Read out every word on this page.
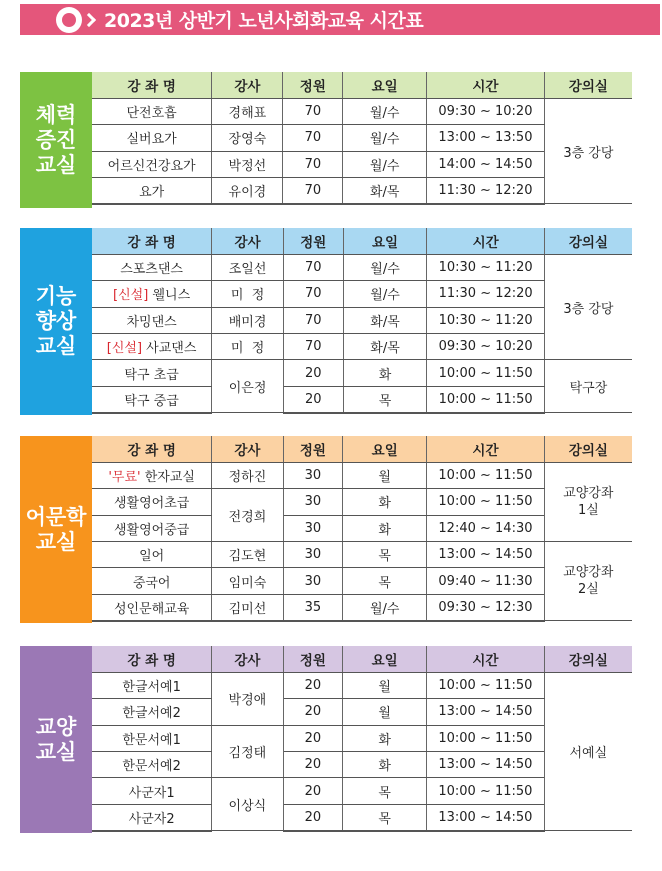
2023년 상반기 노년사회화교육 시간표
체력
증진
교실
강 좌 명	강사	정원	요일	시간	강의실
단전호흡	경해표	70	월/수	09:30 ~ 10:20	3층 강당
실버요가	장영숙	70	월/수	13:00 ~ 13:50	
어르신건강요가	박정선	70	월/수	14:00 ~ 14:50	
요가	유이경	70	화/목	11:30 ~ 12:20	
기능
향상
교실
강 좌 명	강사	정원	요일	시간	강의실
스포츠댄스	조일선	70	월/수	10:30 ~ 11:20	3층 강당
[신설] 웰니스	미  정	70	월/수	11:30 ~ 12:20	
차밍댄스	배미경	70	화/목	10:30 ~ 11:20	
[신설] 사교댄스	미  정	70	화/목	09:30 ~ 10:20	
탁구 초급	이은정	20	화	10:00 ~ 11:50	탁구장
탁구 중급		20	목	10:00 ~ 11:50	
어문학
교실
강 좌 명	강사	정원	요일	시간	강의실
'무료' 한자교실	정하진	30	월	10:00 ~ 11:50	교양강좌
1실
생활영어초급	전경희	30	화	10:00 ~ 11:50	
생활영어중급		30	화	12:40 ~ 14:30	
일어	김도현	30	목	13:00 ~ 14:50	교양강좌
2실
중국어	임미숙	30	목	09:40 ~ 11:30	
성인문해교육	김미선	35	월/수	09:30 ~ 12:30	
교양
교실
강 좌 명	강사	정원	요일	시간	강의실
한글서예1	박경애	20	월	10:00 ~ 11:50	서예실
한글서예2		20	월	13:00 ~ 14:50	
한문서예1	김정태	20	화	10:00 ~ 11:50	
한문서예2		20	화	13:00 ~ 14:50	
사군자1	이상식	20	목	10:00 ~ 11:50	
사군자2		20	목	13:00 ~ 14:50	
